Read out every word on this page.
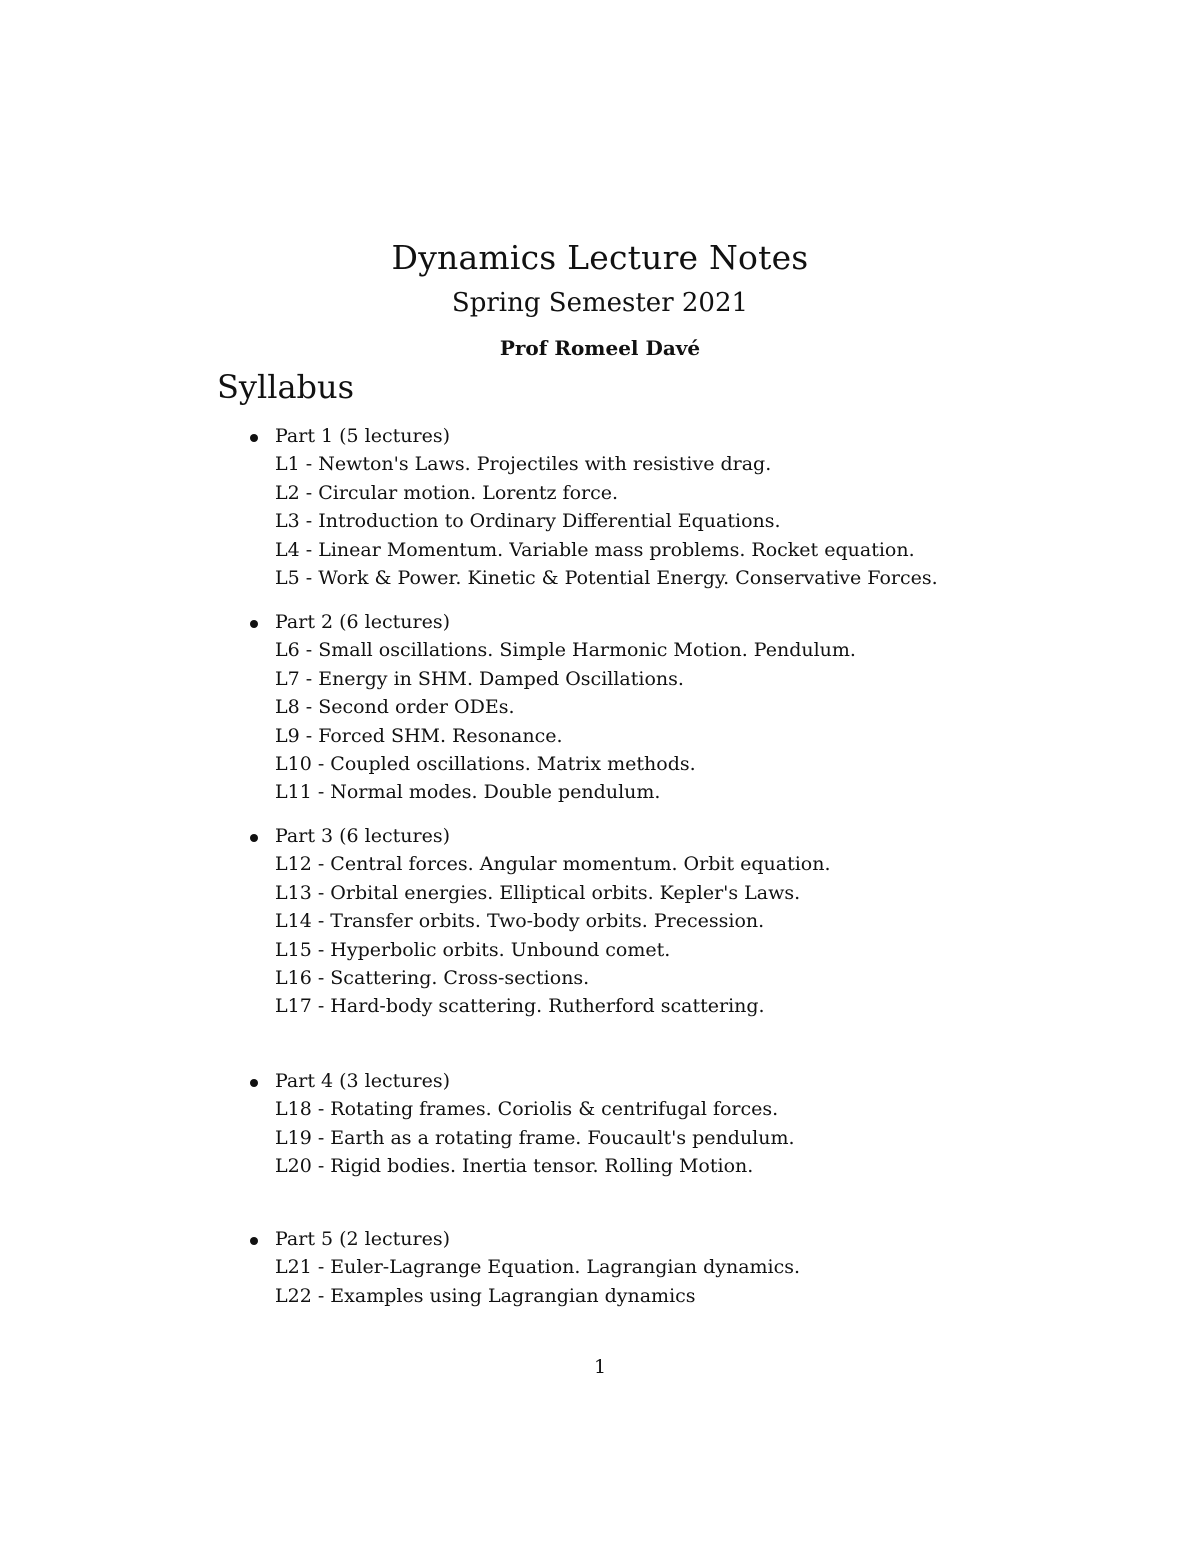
Dynamics Lecture Notes
Spring Semester 2021
Prof Romeel Davé
Syllabus
Part 1 (5 lectures)
L1 - Newton's Laws. Projectiles with resistive drag.
L2 - Circular motion. Lorentz force.
L3 - Introduction to Ordinary Differential Equations.
L4 - Linear Momentum. Variable mass problems. Rocket equation.
L5 - Work & Power. Kinetic & Potential Energy. Conservative Forces.
Part 2 (6 lectures)
L6 - Small oscillations. Simple Harmonic Motion. Pendulum.
L7 - Energy in SHM. Damped Oscillations.
L8 - Second order ODEs.
L9 - Forced SHM. Resonance.
L10 - Coupled oscillations. Matrix methods.
L11 - Normal modes. Double pendulum.
Part 3 (6 lectures)
L12 - Central forces. Angular momentum. Orbit equation.
L13 - Orbital energies. Elliptical orbits. Kepler's Laws.
L14 - Transfer orbits. Two-body orbits. Precession.
L15 - Hyperbolic orbits. Unbound comet.
L16 - Scattering. Cross-sections.
L17 - Hard-body scattering. Rutherford scattering.
Part 4 (3 lectures)
L18 - Rotating frames. Coriolis & centrifugal forces.
L19 - Earth as a rotating frame. Foucault's pendulum.
L20 - Rigid bodies. Inertia tensor. Rolling Motion.
Part 5 (2 lectures)
L21 - Euler-Lagrange Equation. Lagrangian dynamics.
L22 - Examples using Lagrangian dynamics
1
